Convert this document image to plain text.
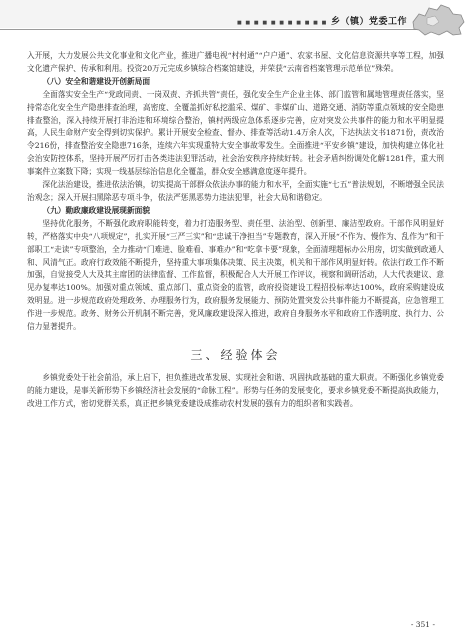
■ ■ ■ ■ ■ ■ ■ ■ ■ ■ ■ 乡（镇）党委工作

入开展，大力发展公共文化事业和文化产业，推进广播电视“村村通”“户户通”、农家书屋、文化信息资源共享等工程，加强文化遗产保护、传承和利用。投资20万元完成乡镇综合档案馆建设，并荣获“云南省档案管理示范单位”殊荣。

（八）安全和谐建设开创新局面

全面落实安全生产“党政同责、一岗双责、齐抓共管”责任，强化安全生产企业主体、部门监管和属地管理责任落实，坚持常态化安全生产隐患排查治理，高密度、全覆盖抓好私挖滥采、煤矿、非煤矿山、道路交通、消防等重点领域的安全隐患排查整治，深入持续开展打非治违和环境综合整治，镇村两级应急体系逐步完善，应对突发公共事件的能力和水平明显提高，人民生命财产安全得到切实保护。累计开展安全检查、督办、排查等活动1.4万余人次，下达执法文书1871份，责改治令216份，排查整治安全隐患716条，连续六年实现重特大安全事故零发生。全面推进“平安乡镇”建设，加快构建立体化社会治安防控体系，坚持开展严厉打击各类违法犯罪活动，社会治安秩序持续好转。社会矛盾纠纷调处化解1281件，重大刑事案件立案数下降；实现一线基层综治信息化全覆盖，群众安全感满意度逐年提升。

深化法治建设，推进依法治镇，切实提高干部群众依法办事的能力和水平，全面实施“七五”普法规划，不断增强全民法治观念；深入开展扫黑除恶专项斗争，依法严惩黑恶势力违法犯罪，社会大局和谐稳定。

（九）勤政廉政建设展现新面貌

坚持优化服务，不断强化政府职能转变，着力打造服务型、责任型、法治型、创新型、廉洁型政府。干部作风明显好转，严格落实中央“八项规定”，扎实开展“三严三实”和“忠诚干净担当”专题教育，深入开展“不作为、慢作为、乱作为”和干部职工“走读”专项整治，全力推动“门难进、脸难看、事难办”和“吃拿卡要”现象，全面清理超标办公用房，切实做到政通人和、风清气正。政府行政效能不断提升，坚持重大事项集体决策、民主决策，机关和干部作风明显好转。依法行政工作不断加强，自觉接受人大及其主席团的法律监督、工作监督，积极配合人大开展工作评议，视察和调研活动，人大代表建议、意见办复率达100%。加强对重点领域、重点部门、重点资金的监管，政府投资建设工程招投标率达100%，政府采购建设成效明显。进一步规范政府处理政务、办理服务行为，政府服务发展能力、预防处置突发公共事件能力不断提高，应急管理工作进一步规范。政务、财务公开机制不断完善，党风廉政建设深入推进，政府自身服务水平和政府工作透明度、执行力、公信力显著提升。

三、经验体会

乡镇党委处于社会前沿，承上启下，担负推进改革发展、实现社会和谐、巩固执政基础的重大职责。不断强化乡镇党委的能力建设，是事关新形势下乡镇经济社会发展的“命脉工程”。形势与任务的发展变化，要求乡镇党委不断提高执政能力，改进工作方式，密切党群关系，真正把乡镇党委建设成推动农村发展的强有力的组织者和实践者。

- 351 -
